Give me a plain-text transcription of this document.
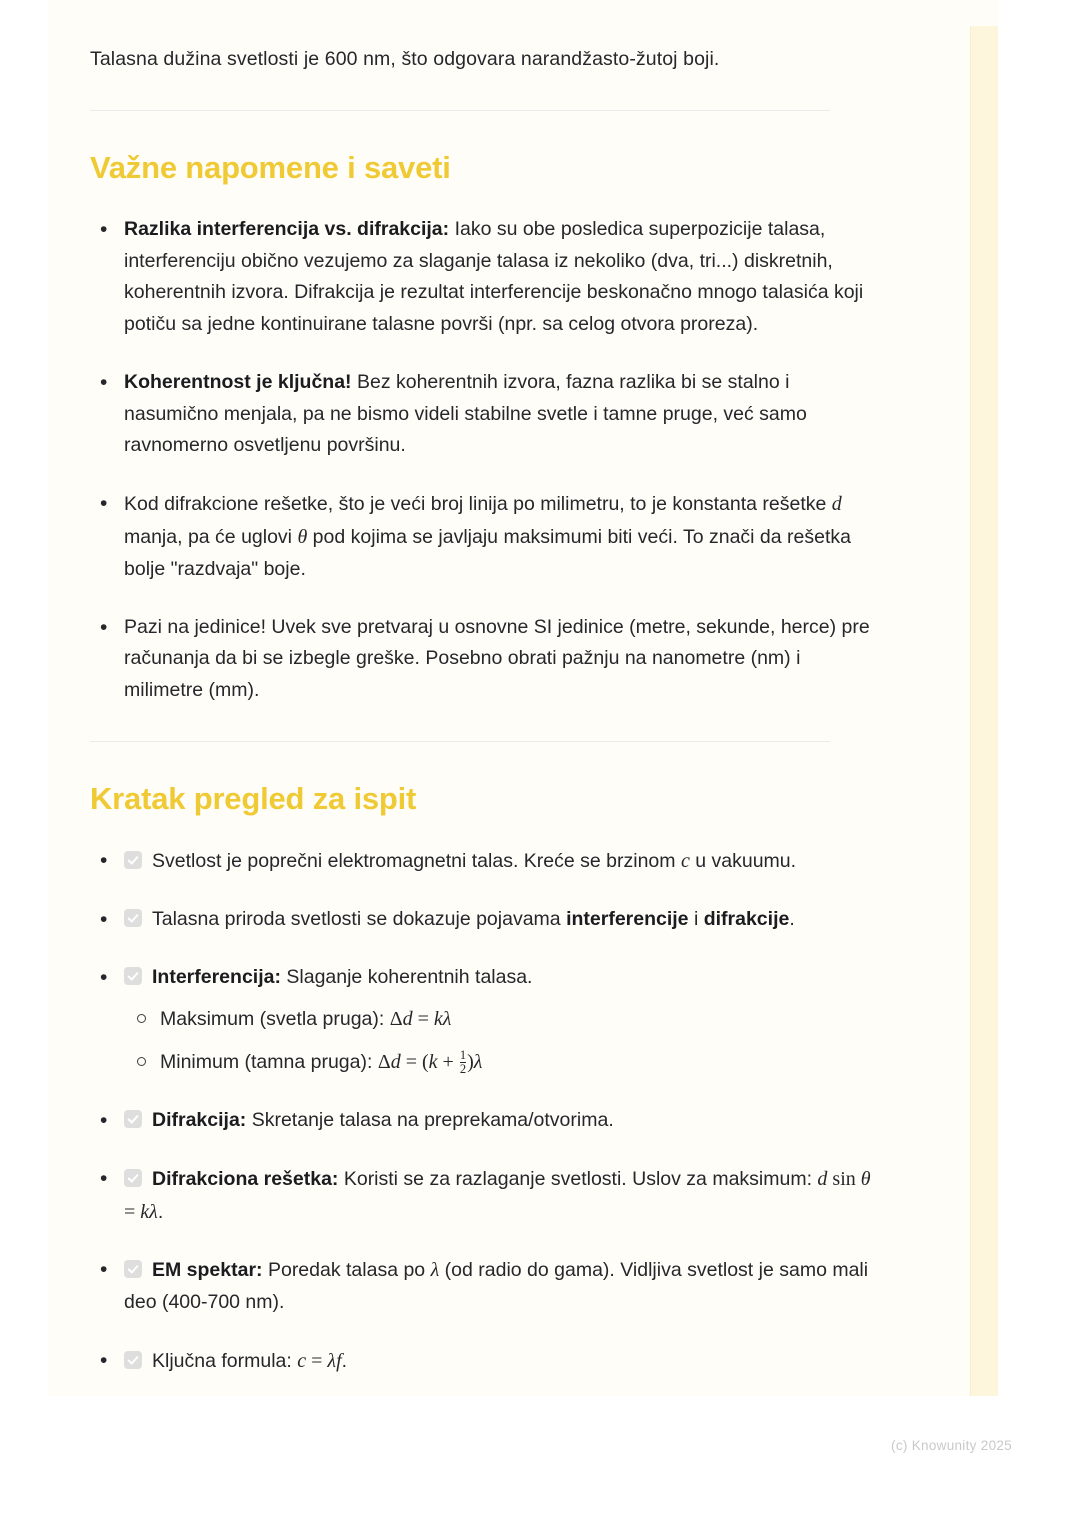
Talasna dužina svetlosti je 600 nm, što odgovara narandžasto-žutoj boji.

Važne napomene i saveti
• Razlika interferencija vs. difrakcija: Iako su obe posledica superpozicije talasa, interferenciju obično vezujemo za slaganje talasa iz nekoliko (dva, tri...) diskretnih, koherentnih izvora. Difrakcija je rezultat interferencije beskonačno mnogo talasića koji potiču sa jedne kontinuirane talasne površi (npr. sa celog otvora proreza).
• Koherentnost je ključna! Bez koherentnih izvora, fazna razlika bi se stalno i nasumično menjala, pa ne bismo videli stabilne svetle i tamne pruge, već samo ravnomerno osvetljenu površinu.
• Kod difrakcione rešetke, što je veći broj linija po milimetru, to je konstanta rešetke d manja, pa će uglovi θ pod kojima se javljaju maksimumi biti veći. To znači da rešetka bolje "razdvaja" boje.
• Pazi na jedinice! Uvek sve pretvaraj u osnovne SI jedinice (metre, sekunde, herce) pre računanja da bi se izbegle greške. Posebno obrati pažnju na nanometre (nm) i milimetre (mm).
Kratak pregled za ispit
• Svetlost je poprečni elektromagnetni talas. Kreće se brzinom c u vakuumu.
• Talasna priroda svetlosti se dokazuje pojavama interferencije i difrakcije.
• Interferencija: Slaganje koherentnih talasa.
Maksimum (svetla pruga): Δd = kλ
Minimum (tamna pruga): $\Delta d = (k + \frac{1}{2} )\lambda$
• Difrakcija: Skretanje talasa na preprekama/otvorima.
• Difrakciona rešetka: Koristi se za razlaganje svetlosti. Uslov za maksimum: d sin θ = kλ.
• EM spektar: Poredak talasa po λ (od radio do gama). Vidljiva svetlost je samo mali deo (400-700 nm).
• Ključna formula: c = λf.
(c) Knowunity 2025
